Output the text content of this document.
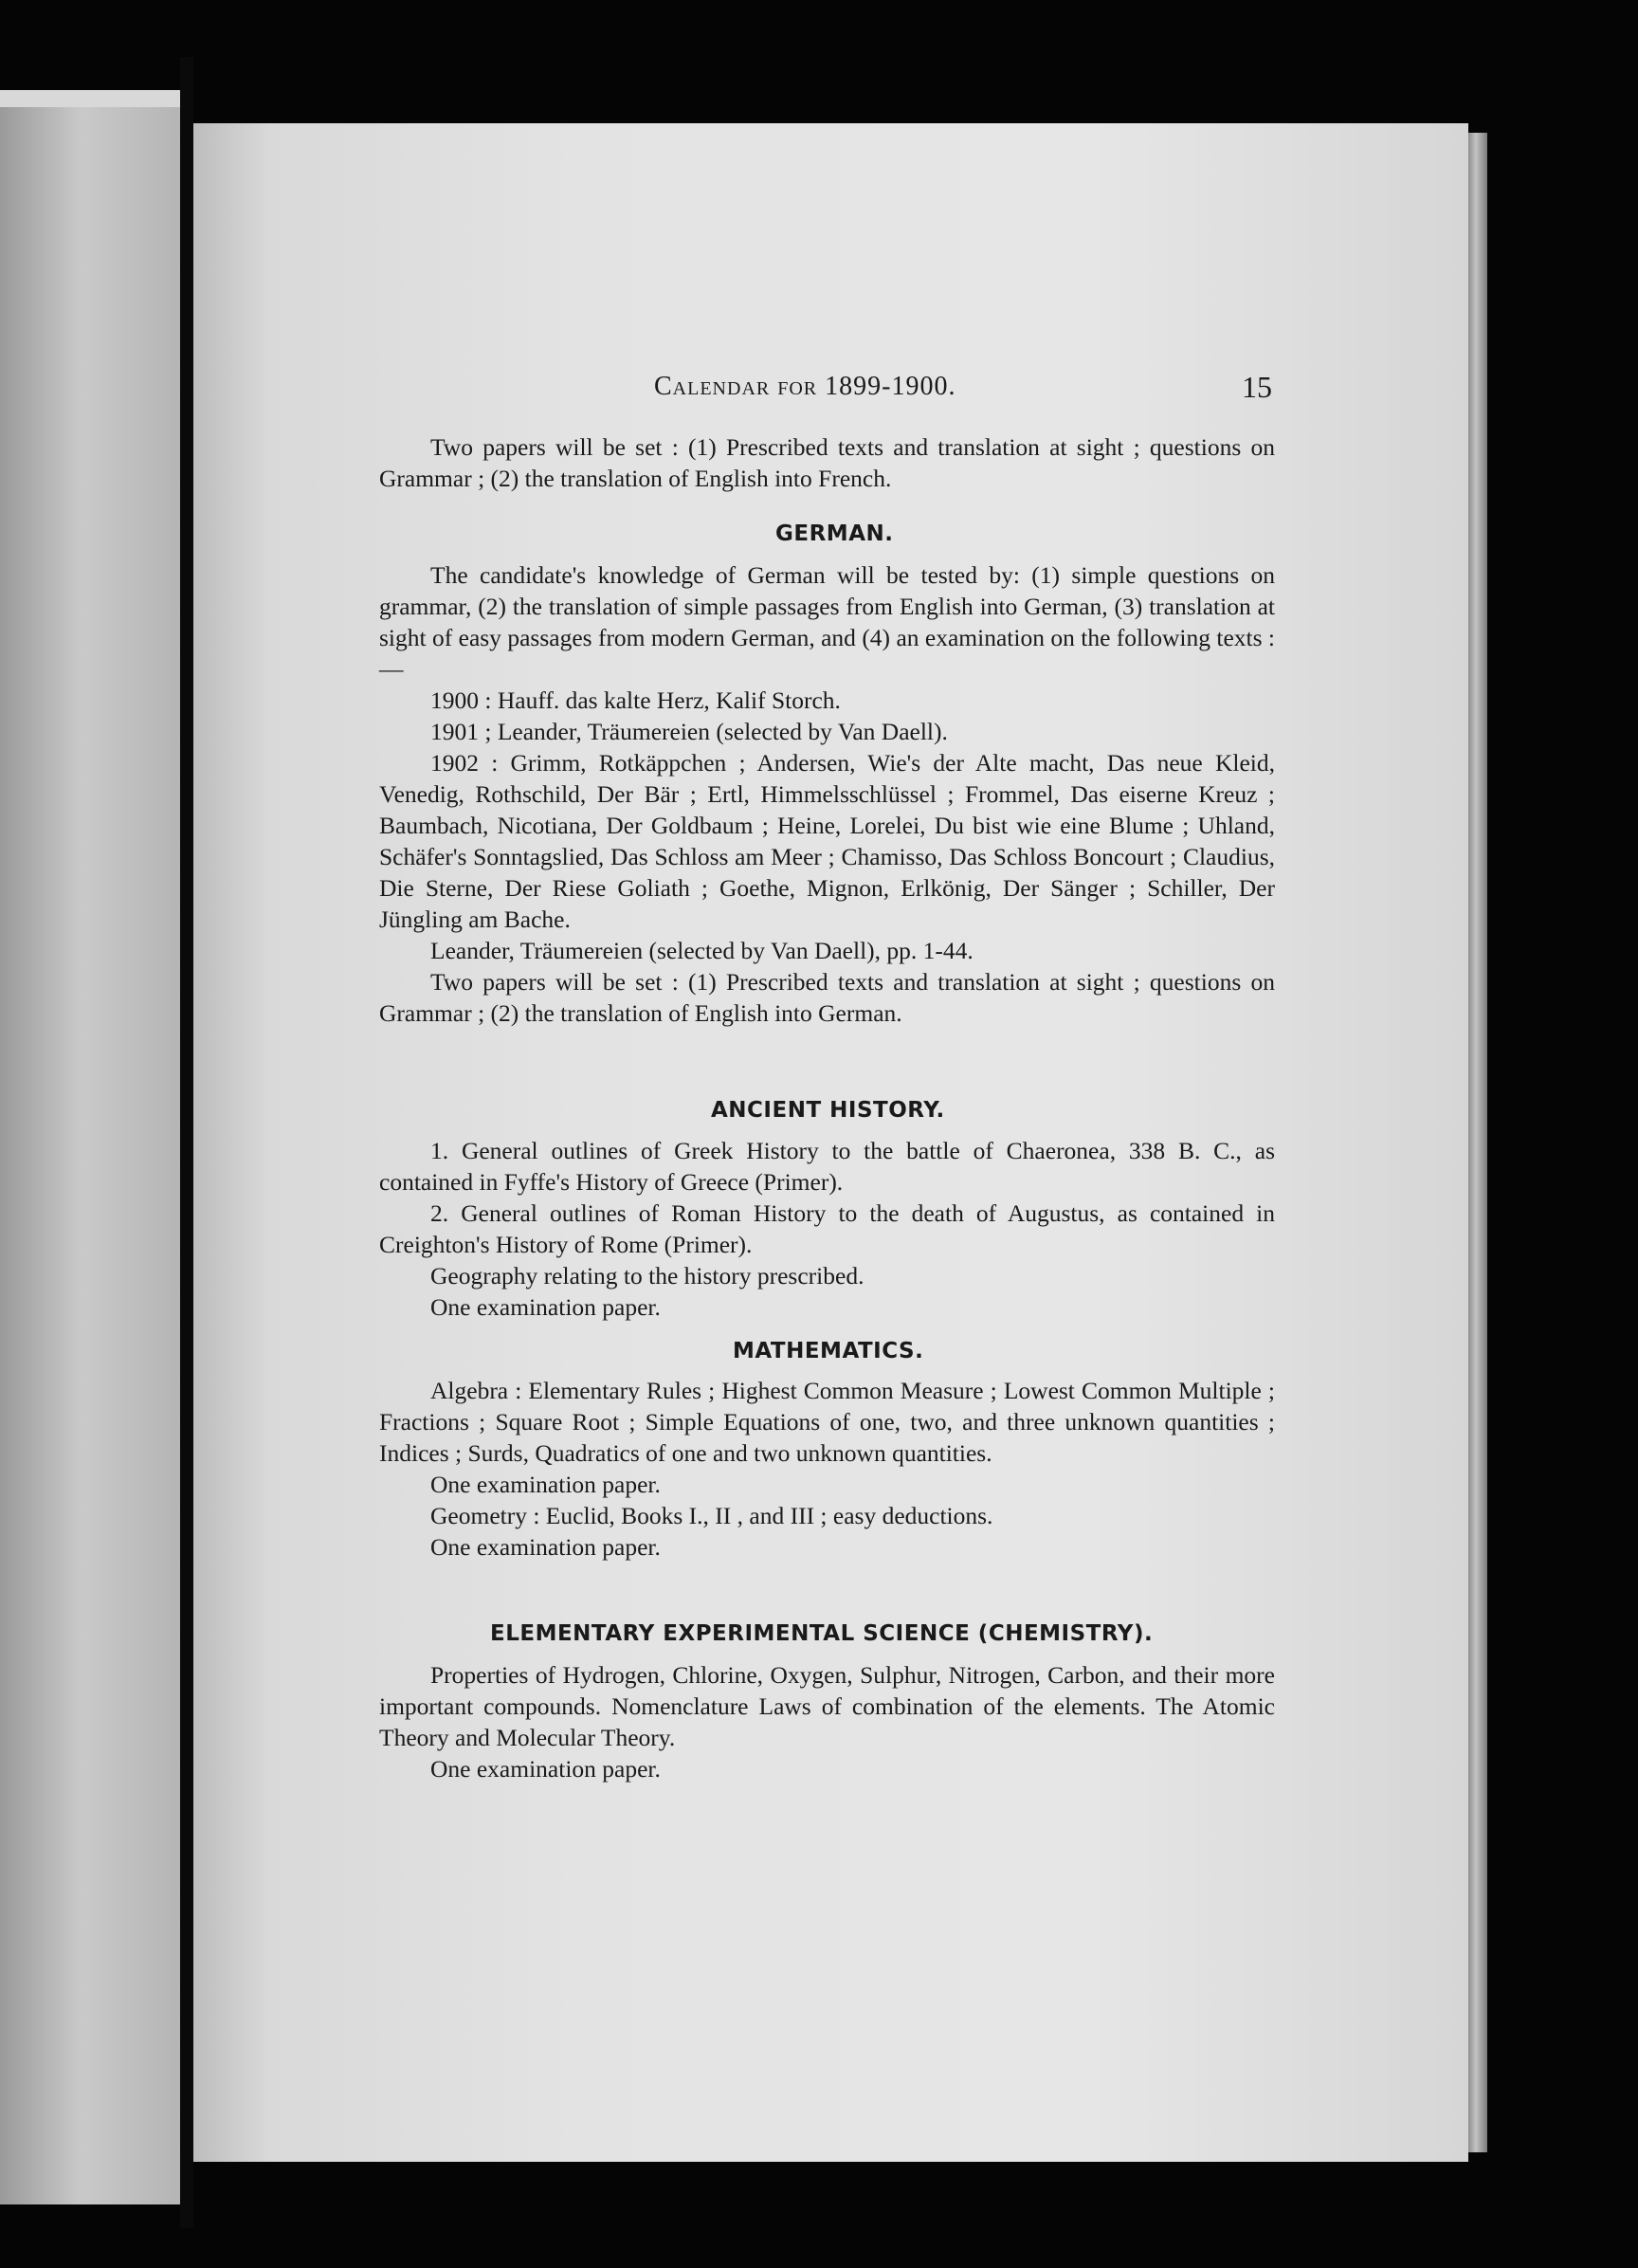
Calendar for 1899-1900.	15

Two papers will be set : (1) Prescribed texts and translation at sight ; questions on Grammar ; (2) the translation of English into French.

GERMAN.

The candidate's knowledge of German will be tested by: (1) simple questions on grammar, (2) the translation of simple passages from English into German, (3) translation at sight of easy passages from modern German, and (4) an examination on the following texts :—

1900 : Hauff. das kalte Herz, Kalif Storch.

1901 ; Leander, Träumereien (selected by Van Daell).

1902 : Grimm, Rotkäppchen ; Andersen, Wie's der Alte macht, Das neue Kleid, Venedig, Rothschild, Der Bär ; Ertl, Himmelsschlüssel ; Frommel, Das eiserne Kreuz ; Baumbach, Nicotiana, Der Goldbaum ; Heine, Lorelei, Du bist wie eine Blume ; Uhland, Schäfer's Sonntagslied, Das Schloss am Meer ; Chamisso, Das Schloss Boncourt ; Claudius, Die Sterne, Der Riese Goliath ; Goethe, Mignon, Erlkönig, Der Sänger ; Schiller, Der Jüngling am Bache.

Leander, Träumereien (selected by Van Daell), pp. 1-44.

Two papers will be set : (1) Prescribed texts and translation at sight ; questions on Grammar ; (2) the translation of English into German.

ANCIENT HISTORY.

1. General outlines of Greek History to the battle of Chaeronea, 338 B. C., as contained in Fyffe's History of Greece (Primer).

2. General outlines of Roman History to the death of Augustus, as contained in Creighton's History of Rome (Primer).

Geography relating to the history prescribed.

One examination paper.

MATHEMATICS.

Algebra : Elementary Rules ; Highest Common Measure ; Lowest Common Multiple ; Fractions ; Square Root ; Simple Equations of one, two, and three unknown quantities ; Indices ; Surds, Quadratics of one and two unknown quantities.

One examination paper.

Geometry : Euclid, Books I., II , and III ; easy deductions.

One examination paper.

ELEMENTARY EXPERIMENTAL SCIENCE (CHEMISTRY).

Properties of Hydrogen, Chlorine, Oxygen, Sulphur, Nitrogen, Carbon, and their more important compounds. Nomenclature Laws of combination of the elements. The Atomic Theory and Molecular Theory.

One examination paper.
